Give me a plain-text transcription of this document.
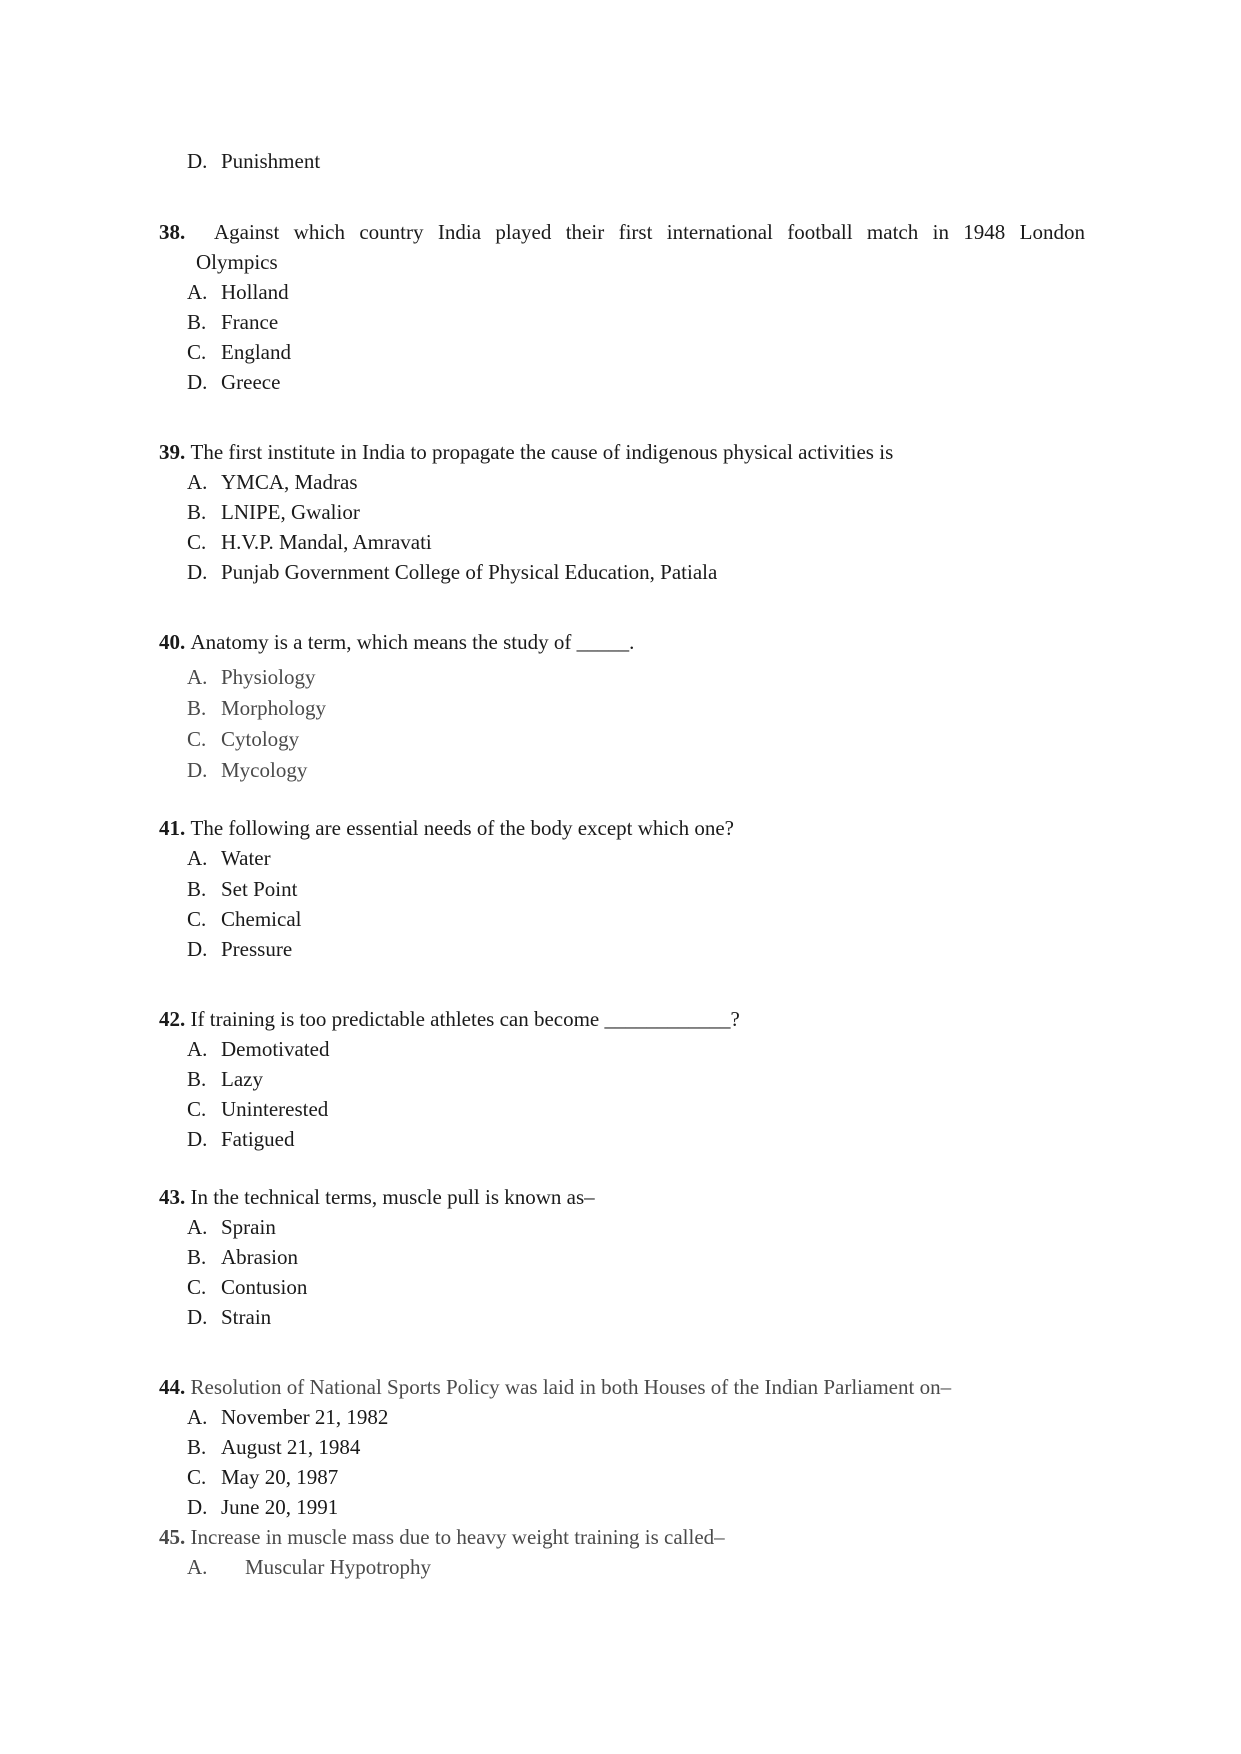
D. Punishment
38. Against which country India played their first international football match in 1948 London
Olympics
A. Holland
B. France
C. England
D. Greece
39. The first institute in India to propagate the cause of indigenous physical activities is
A. YMCA, Madras
B. LNIPE, Gwalior
C. H.V.P. Mandal, Amravati
D. Punjab Government College of Physical Education, Patiala
40. Anatomy is a term, which means the study of _____.
A. Physiology
B. Morphology
C. Cytology
D. Mycology
41. The following are essential needs of the body except which one?
A. Water
B. Set Point
C. Chemical
D. Pressure
42. If training is too predictable athletes can become ____________?
A. Demotivated
B. Lazy
C. Uninterested
D. Fatigued
43. In the technical terms, muscle pull is known as–
A. Sprain
B. Abrasion
C. Contusion
D. Strain
44. Resolution of National Sports Policy was laid in both Houses of the Indian Parliament on–
A. November 21, 1982
B. August 21, 1984
C. May 20, 1987
D. June 20, 1991
45. Increase in muscle mass due to heavy weight training is called–
A. Muscular Hypotrophy
